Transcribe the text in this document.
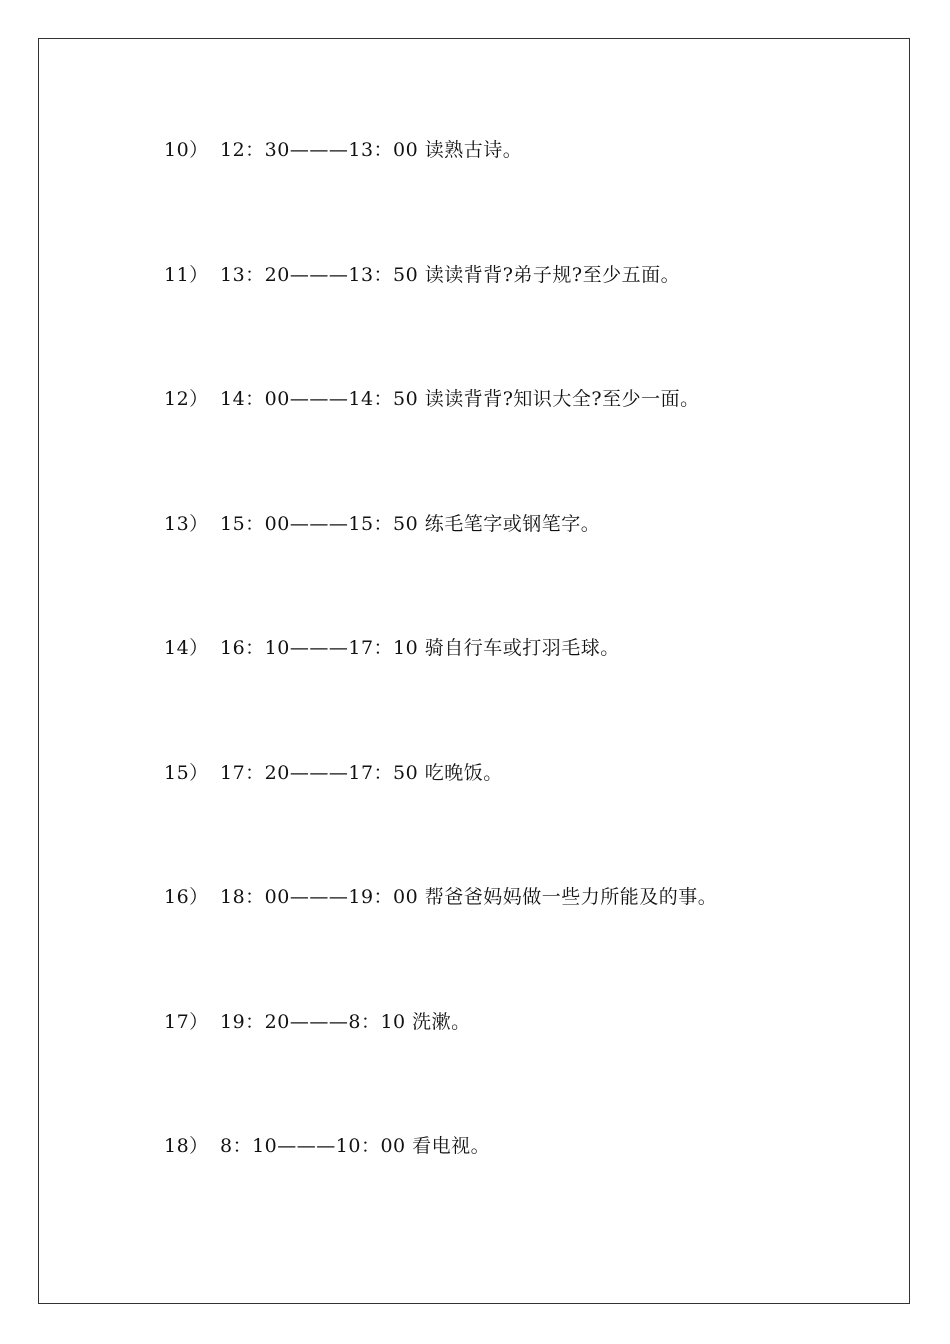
10） 12：30———13：00 读熟古诗。
11） 13：20———13：50 读读背背?弟子规?至少五面。
12） 14：00———14：50 读读背背?知识大全?至少一面。
13） 15：00———15：50 练毛笔字或钢笔字。
14） 16：10———17：10 骑自行车或打羽毛球。
15） 17：20———17：50 吃晚饭。
16） 18：00———19：00 帮爸爸妈妈做一些力所能及的事。
17） 19：20———8：10 洗漱。
18） 8：10———10：00 看电视。
